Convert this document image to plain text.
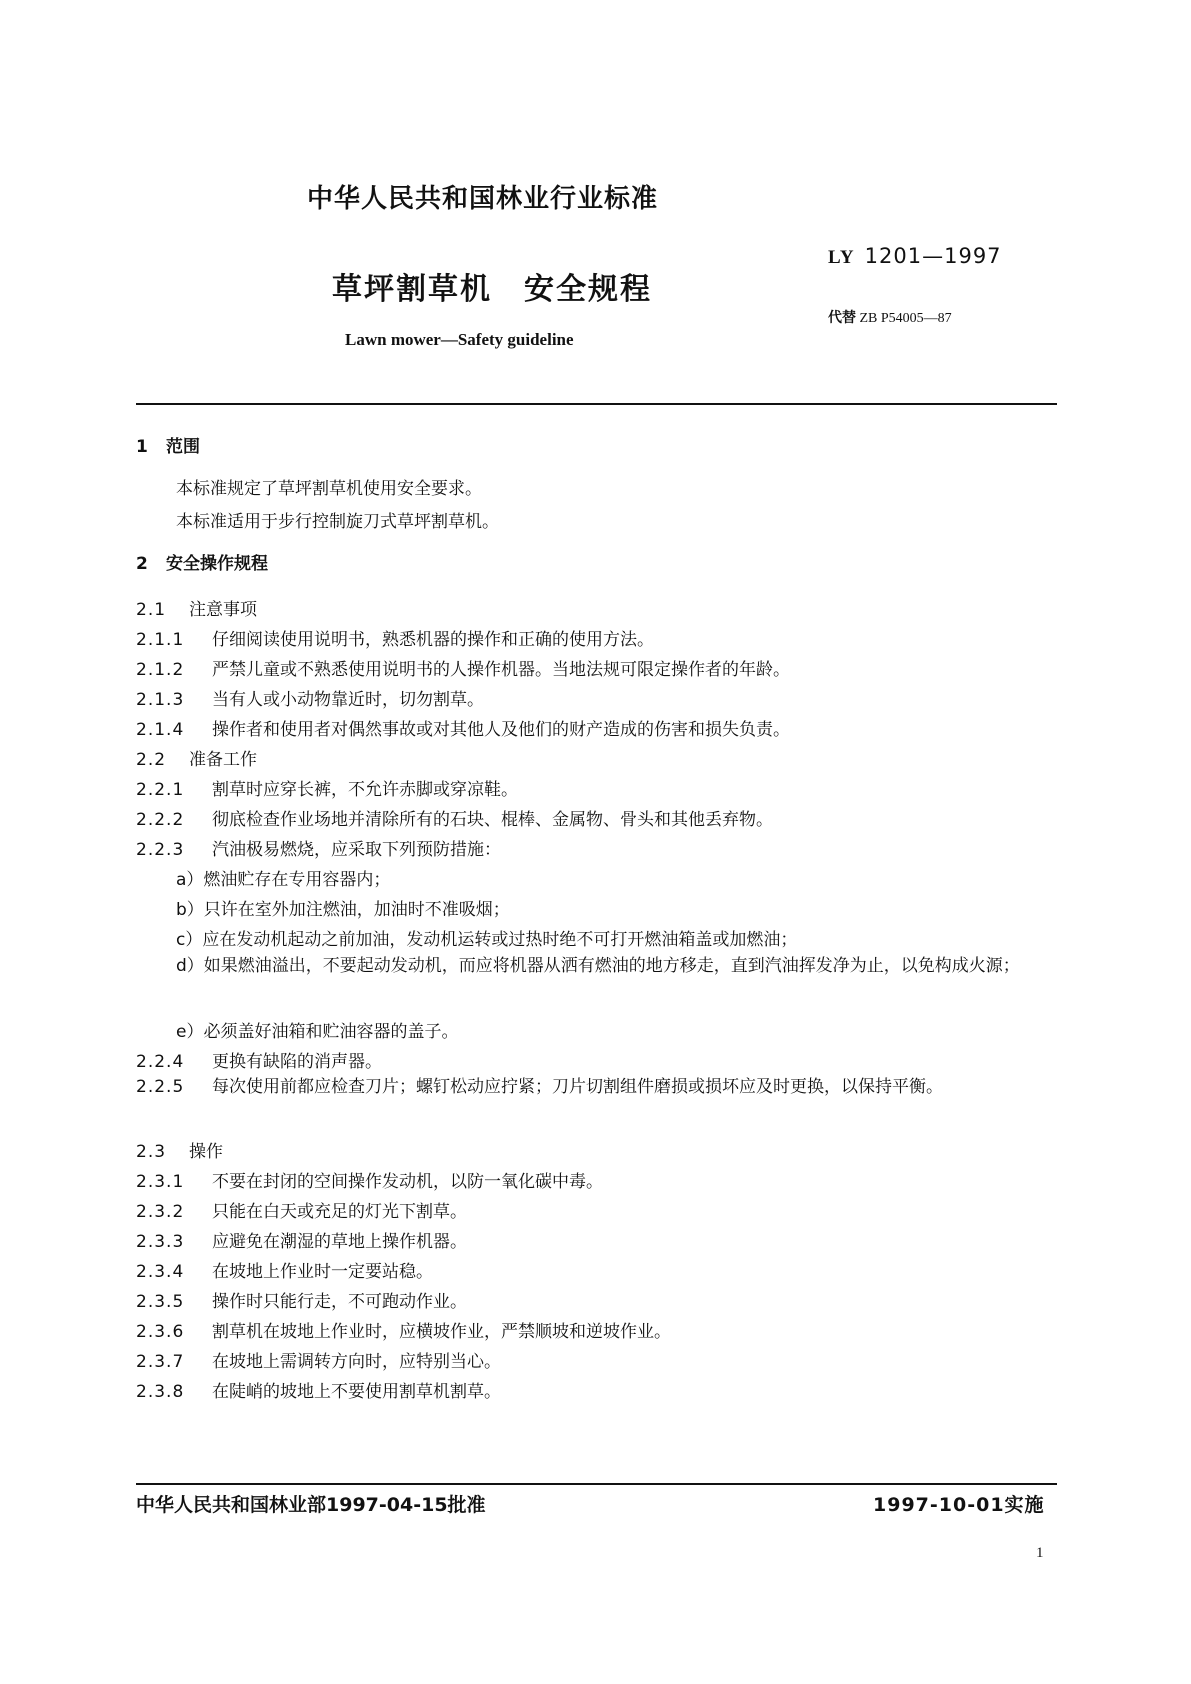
中华人民共和国林业行业标准
LY 1201—1997
草坪割草机　安全规程
代替 ZB P54005—87
Lawn mower—Safety guideline
1 范围
本标准规定了草坪割草机使用安全要求。
本标准适用于步行控制旋刀式草坪割草机。
2 安全操作规程
2.1 注意事项
2.1.1 仔细阅读使用说明书，熟悉机器的操作和正确的使用方法。
2.1.2 严禁儿童或不熟悉使用说明书的人操作机器。当地法规可限定操作者的年龄。
2.1.3 当有人或小动物靠近时，切勿割草。
2.1.4 操作者和使用者对偶然事故或对其他人及他们的财产造成的伤害和损失负责。
2.2 准备工作
2.2.1 割草时应穿长裤，不允许赤脚或穿凉鞋。
2.2.2 彻底检查作业场地并清除所有的石块、棍棒、金属物、骨头和其他丢弃物。
2.2.3 汽油极易燃烧，应采取下列预防措施：
a）燃油贮存在专用容器内；
b）只许在室外加注燃油，加油时不准吸烟；
c）应在发动机起动之前加油，发动机运转或过热时绝不可打开燃油箱盖或加燃油；
d）如果燃油溢出，不要起动发动机，而应将机器从洒有燃油的地方移走，直到汽油挥发净为止，以免构成火源；
e）必须盖好油箱和贮油容器的盖子。
2.2.4 更换有缺陷的消声器。
2.2.5 每次使用前都应检查刀片；螺钉松动应拧紧；刀片切割组件磨损或损坏应及时更换，以保持平衡。
2.3 操作
2.3.1 不要在封闭的空间操作发动机，以防一氧化碳中毒。
2.3.2 只能在白天或充足的灯光下割草。
2.3.3 应避免在潮湿的草地上操作机器。
2.3.4 在坡地上作业时一定要站稳。
2.3.5 操作时只能行走，不可跑动作业。
2.3.6 割草机在坡地上作业时，应横坡作业，严禁顺坡和逆坡作业。
2.3.7 在坡地上需调转方向时，应特别当心。
2.3.8 在陡峭的坡地上不要使用割草机割草。
中华人民共和国林业部1997-04-15批准	1997-10-01实施
1
